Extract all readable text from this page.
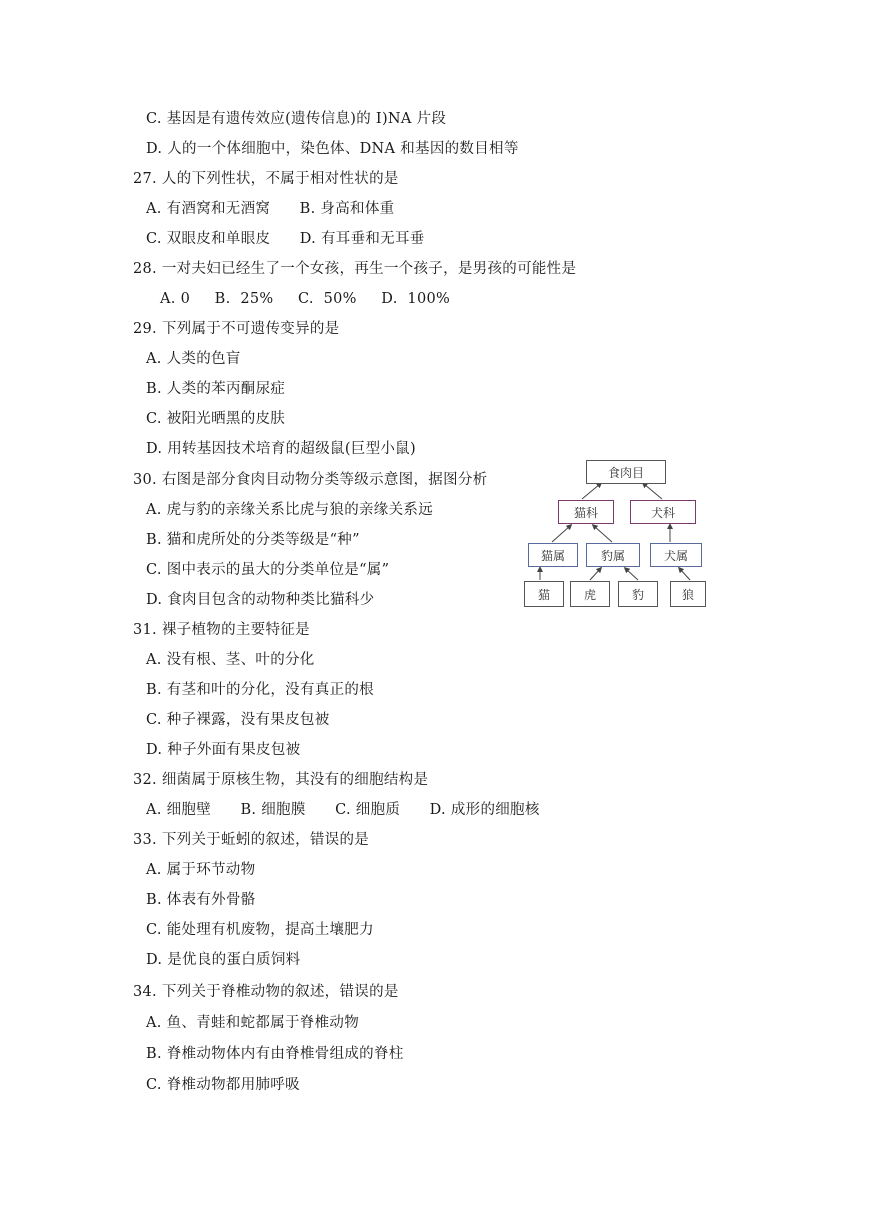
C. 基因是有遗传效应(遗传信息)的 I)NA 片段
D. 人的一个体细胞中，染色体、DNA 和基因的数目相等
27. 人的下列性状，不属于相对性状的是
A. 有酒窝和无酒窝      B. 身高和体重
C. 双眼皮和单眼皮      D. 有耳垂和无耳垂
28. 一对夫妇已经生了一个女孩，再生一个孩子，是男孩的可能性是
A. 0     B.  25%     C.  50%     D.  100%
29. 下列属于不可遗传变异的是
A. 人类的色盲
B. 人类的苯丙酮尿症
C. 被阳光晒黑的皮肤
D. 用转基因技术培育的超级鼠(巨型小鼠)
30. 右图是部分食肉目动物分类等级示意图，据图分析
A. 虎与豹的亲缘关系比虎与狼的亲缘关系远
B. 猫和虎所处的分类等级是“种”
C. 图中表示的虽大的分类单位是“属”
D. 食肉目包含的动物种类比猫科少
31. 裸子植物的主要特征是
A. 没有根、茎、叶的分化
B. 有茎和叶的分化，没有真正的根
C. 种子裸露，没有果皮包被
D. 种子外面有果皮包被
32. 细菌属于原核生物，其没有的细胞结构是
A. 细胞壁      B. 细胞膜      C. 细胞质      D. 成形的细胞核
33. 下列关于蚯蚓的叙述，错误的是
A. 属于环节动物
B. 体表有外骨骼
C. 能处理有机废物，提高土壤肥力
D. 是优良的蛋白质饲料
34. 下列关于脊椎动物的叙述，错误的是
A. 鱼、青蛙和蛇都属于脊椎动物
B. 脊椎动物体内有由脊椎骨组成的脊柱
C. 脊椎动物都用肺呼吸
食肉目
猫科	犬科
猫属	豹属	犬属
猫	虎	豹	狼
